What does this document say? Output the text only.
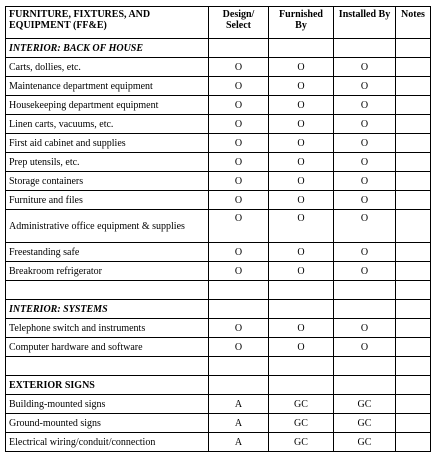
FURNITURE, FIXTURES, AND EQUIPMENT (FF&E)	Design/ Select	Furnished By	Installed By	Notes
INTERIOR: BACK OF HOUSE				
Carts, dollies, etc.	O	O	O	
Maintenance department equipment	O	O	O	
Housekeeping department equipment	O	O	O	
Linen carts, vacuums, etc.	O	O	O	
First aid cabinet and supplies	O	O	O	
Prep utensils, etc.	O	O	O	
Storage containers	O	O	O	
Furniture and files	O	O	O	
Administrative office equipment & supplies	O	O	O	
Freestanding safe	O	O	O	
Breakroom refrigerator	O	O	O	

INTERIOR: SYSTEMS				
Telephone switch and instruments	O	O	O	
Computer hardware and software	O	O	O	

EXTERIOR SIGNS				
Building-mounted signs	A	GC	GC	
Ground-mounted signs	A	GC	GC	
Electrical wiring/conduit/connection	A	GC	GC	
